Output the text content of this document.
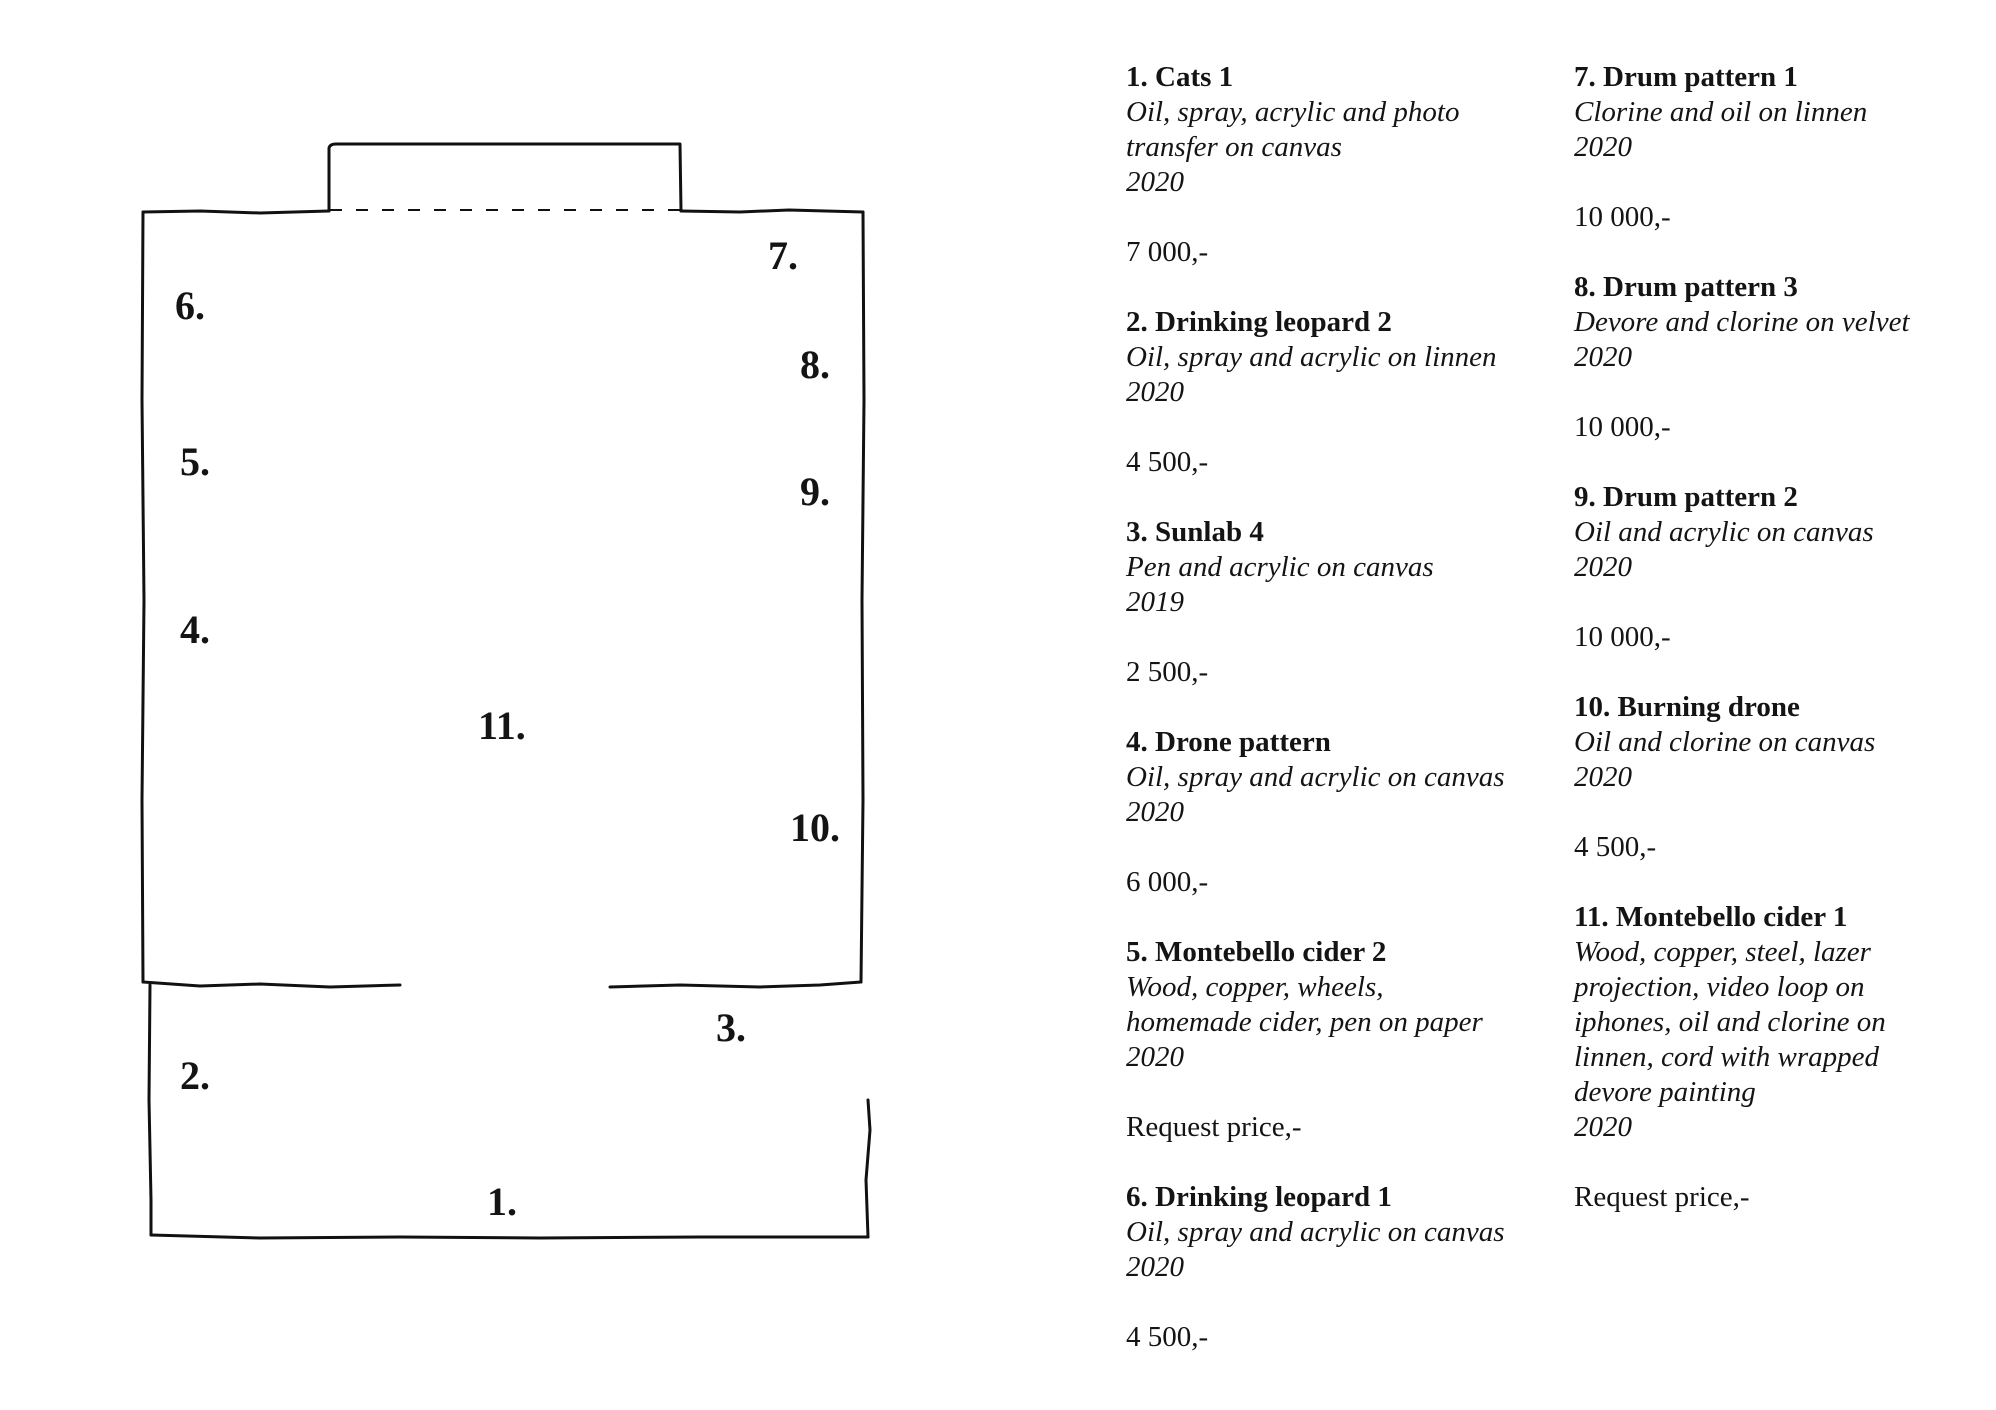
1.
2.
3.
4.
5.
6.
7.
8.
9.
10.
11.
1. Cats 1
Oil, spray, acrylic and photo
transfer on canvas
2020
7 000,-
2. Drinking leopard 2
Oil, spray and acrylic on linnen
2020
4 500,-
3. Sunlab 4
Pen and acrylic on canvas
2019
2 500,-
4. Drone pattern
Oil, spray and acrylic on canvas
2020
6 000,-
5. Montebello cider 2
Wood, copper, wheels,
homemade cider, pen on paper
2020
Request price,-
6. Drinking leopard 1
Oil, spray and acrylic on canvas
2020
4 500,-
7. Drum pattern 1
Clorine and oil on linnen
2020
10 000,-
8. Drum pattern 3
Devore and clorine on velvet
2020
10 000,-
9. Drum pattern 2
Oil and acrylic on canvas
2020
10 000,-
10. Burning drone
Oil and clorine on canvas
2020
4 500,-
11. Montebello cider 1
Wood, copper, steel, lazer
projection, video loop on
iphones, oil and clorine on
linnen, cord with wrapped
devore painting
2020
Request price,-
